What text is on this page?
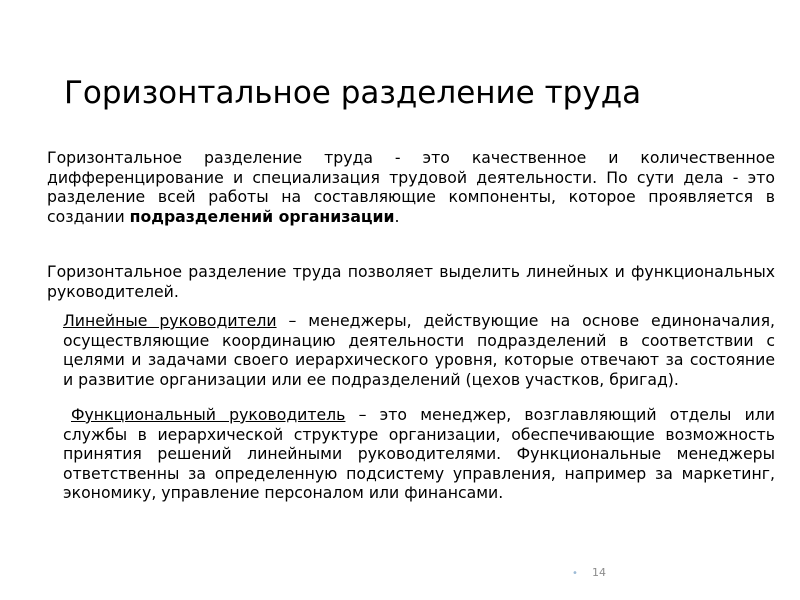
Горизонтальное разделение труда

Горизонтальное разделение труда - это качественное и количественное дифференцирование и специализация трудовой деятельности. По сути дела - это разделение всей работы на составляющие компоненты, которое проявляется в создании подразделений организации.

Горизонтальное разделение труда позволяет выделить линейных и функциональных руководителей.

Линейные руководители – менеджеры, действующие на основе единоначалия, осуществляющие координацию деятельности подразделений в соответствии с целями и задачами своего иерархического уровня, которые отвечают за состояние и развитие организации или ее подразделений (цехов участков, бригад).

Функциональный руководитель – это менеджер, возглавляющий отделы или службы в иерархической структуре организации, обеспечивающие возможность принятия решений линейными руководителями. Функциональные менеджеры ответственны за определенную подсистему управления, например за маркетинг, экономику, управление персоналом или финансами.

• 14
